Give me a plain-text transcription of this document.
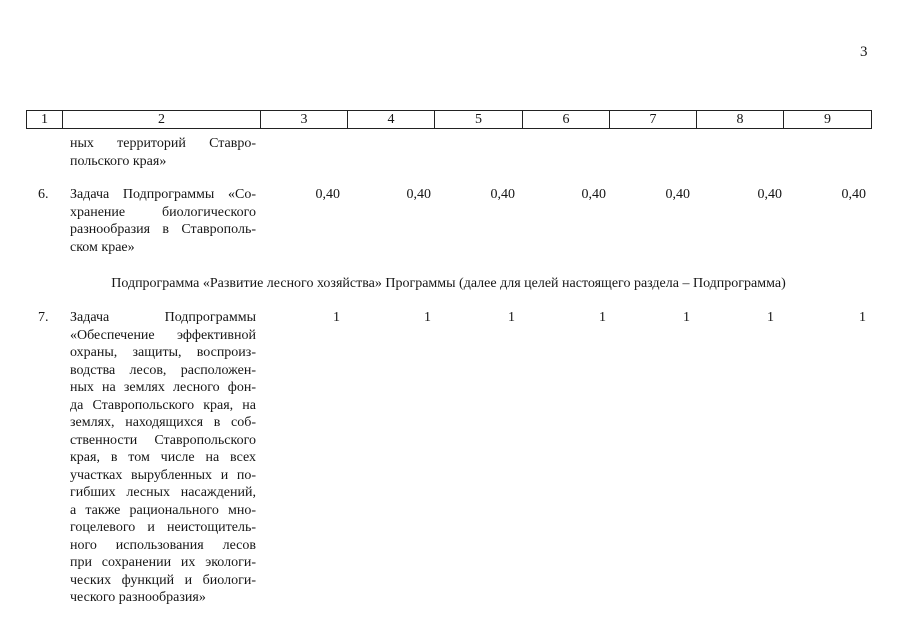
3
1	2	3	4	5	6	7	8	9
ных территорий Ставро-
польского края»
6.	Задача Подпрограммы «Со-
хранение биологического
разнообразия в Ставрополь-
ском крае»
0,40	0,40	0,40	0,40	0,40	0,40	0,40
Подпрограмма «Развитие лесного хозяйства» Программы (далее для целей настоящего раздела – Подпрограмма)
7.	Задача Подпрограммы
«Обеспечение эффективной
охраны, защиты, воспроиз-
водства лесов, расположен-
ных на землях лесного фон-
да Ставропольского края, на
землях, находящихся в соб-
ственности Ставропольского
края, в том числе на всех
участках вырубленных и по-
гибших лесных насаждений,
а также рационального мно-
гоцелевого и неистощитель-
ного использования лесов
при сохранении их экологи-
ческих функций и биологи-
ческого разнообразия»
1	1	1	1	1	1	1
